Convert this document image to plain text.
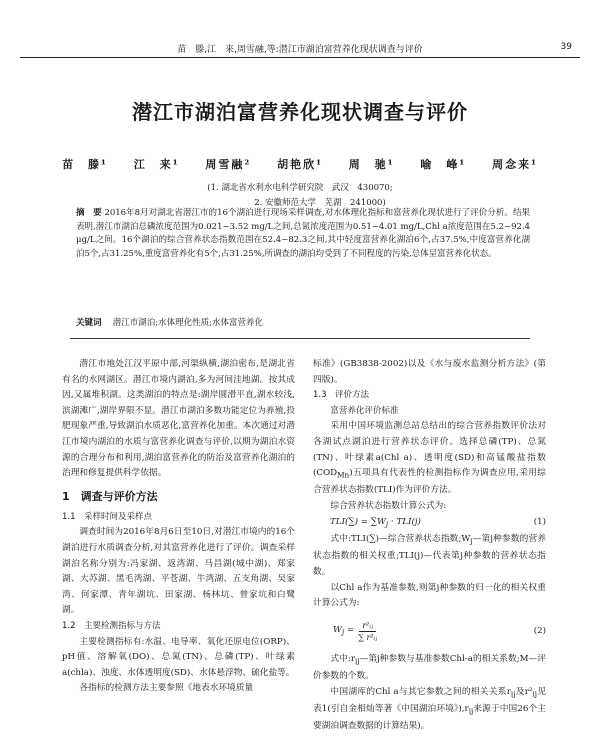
苗　滕,江　来,周雪融,等:潜江市湖泊富营养化现状调查与评价	39
潜江市湖泊富营养化现状调查与评价
苗　滕¹ 江　来¹ 周雪融² 胡艳欣¹ 周　驰¹ 喻　峰¹ 周念来¹
(1. 湖北省水利水电科学研究院　武汉　430070;
2. 安徽师范大学　芜湖　241000)
摘　要 2016年8月对湖北省潜江市的16个湖泊进行现场采样调查,对水体理化指标和富营养化现状进行了评价分析。结果表明,潜江市湖泊总磷浓度范围为0.021~3.52 mg/L之间,总氮浓度范围为0.51~4.01 mg/L,Chl a浓度范围在5.2~92.4 μg/L之间。16个湖泊的综合营养状态指数范围在52.4~82.3之间,其中轻度富营养化湖泊6个,占37.5%,中度富营养化湖泊5个,占31.25%,重度富营养化有5个,占31.25%,所调查的湖泊均受到了不同程度的污染,总体呈富营养化状态。
关键词　 潜江市湖泊;水体理化性质;水体富营养化

潜江市地处江汉平原中部,河渠纵横,湖泊密布,是湖北省有名的水网湖区。潜江市境内湖泊,多为河间洼地湖。按其成因,又属堆积湖。这类湖泊的特点是:湖岸圆滑平直,湖水较浅,滨湖滩广,湖岸界限不显。潜江市湖泊多数功能定位为养殖,投肥现象严重,导致湖泊水质恶化,富营养化加重。本次通过对潜江市境内湖泊的水质与富营养化调查与评价,以期为湖泊水资源的合理分布和利用,湖泊富营养化的防治及富营养化湖泊的治理和修复提供科学依据。

1　调查与评价方法

1.1　采样时间及采样点

调查时间为2016年8月6日至10日,对潜江市境内的16个湖泊进行水质调查分析,对其富营养化进行了评价。调查采样湖泊名称分别为:冯家湖、返湾湖、马昌湖(城中湖)、郑家湖、大苏湖、黑毛湾湖、平苍湖、牛湾湖、五支角湖、吴家湾、何家潭、青年湖坑、田家湖、杨林坑、曾家坑和白鹭湖。

1.2　主要检测指标与方法

主要检测指标有:水温、电导率、氧化还原电位(ORP)、pH值、溶解氧(DO)、总氮(TN)、总磷(TP)、叶绿素a(chla)、浊度、水体透明度(SD)、水体悬浮物、硫化盐等。

各指标的检测方法主要参照《地表水环境质量

标准》(GB3838-2002)以及《水与废水监测分析方法》(第四版)。

1.3　评价方法

富营养化评价标准

采用中国环境监测总站总结出的综合营养指数评价法对各湖试点湖泊进行营养状态评价。选择总磷(TP)、总氮(TN)、叶绿素a(Chl a)、透明度(SD)和高锰酸盐指数$(COD_{Mn})$五项具有代表性的检测指标作为调查应用,采用综合营养状态指数(TLI)作为评价方法。

综合营养状态指数计算公式为:

$TLI(\sum) = \sum W_j \cdot TLI(j)$	(1)

式中:TLI(∑)—综合营养状态指数$;W_j—$第j种参数的营养状态指数的相关权重;TLI(j)—代表第j种参数的营养状态指数。

以Chl a作为基准参数,则第j种参数的归一化的相关权重计算公式为:

$W_j = \frac{\text{r²ᵢⱼ}}{\text{∑ r²ᵢⱼ}}$	(2)

式中$:r_{ij}—$第j种参数与基准参数Chl-a的相关系数;M—评价参数的个数。

中国湖库的Chl a与其它参数之间的相关关系$r_{ij}$及$r^2_{ij}$见表1(引自金相灿等著《中国湖泊环境》)$,r_{ij}$来源于中国26个主要湖泊调查数据的计算结果)。
